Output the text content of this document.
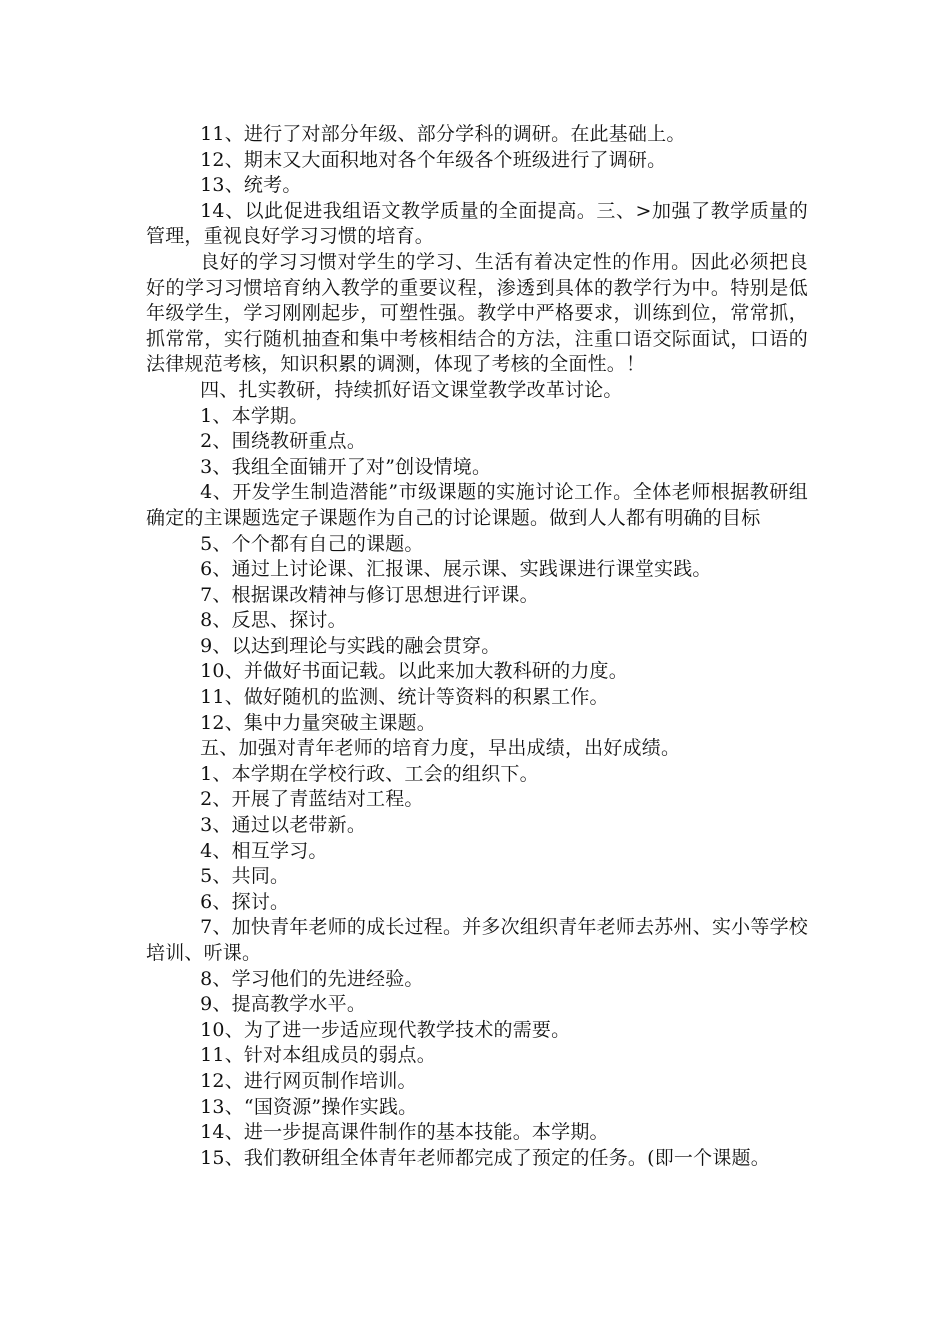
11、进行了对部分年级、部分学科的调研。在此基础上。

12、期末又大面积地对各个年级各个班级进行了调研。

13、统考。

14、以此促进我组语文教学质量的全面提高。三、>加强了教学质量的管理，重视良好学习习惯的培育。

良好的学习习惯对学生的学习、生活有着决定性的作用。因此必须把良好的学习习惯培育纳入教学的重要议程，渗透到具体的教学行为中。特别是低年级学生，学习刚刚起步，可塑性强。教学中严格要求，训练到位，常常抓，抓常常，实行随机抽查和集中考核相结合的方法，注重口语交际面试，口语的法律规范考核，知识积累的调测，体现了考核的全面性。！

四、扎实教研，持续抓好语文课堂教学改革讨论。

1、本学期。

2、围绕教研重点。

3、我组全面铺开了对”创设情境。

4、开发学生制造潜能”市级课题的实施讨论工作。全体老师根据教研组确定的主课题选定子课题作为自己的讨论课题。做到人人都有明确的目标

5、个个都有自己的课题。

6、通过上讨论课、汇报课、展示课、实践课进行课堂实践。

7、根据课改精神与修订思想进行评课。

8、反思、探讨。

9、以达到理论与实践的融会贯穿。

10、并做好书面记载。以此来加大教科研的力度。

11、做好随机的监测、统计等资料的积累工作。

12、集中力量突破主课题。

五、加强对青年老师的培育力度，早出成绩，出好成绩。

1、本学期在学校行政、工会的组织下。

2、开展了青蓝结对工程。

3、通过以老带新。

4、相互学习。

5、共同。

6、探讨。

7、加快青年老师的成长过程。并多次组织青年老师去苏州、实小等学校培训、听课。

8、学习他们的先进经验。

9、提高教学水平。

10、为了进一步适应现代教学技术的需要。

11、针对本组成员的弱点。

12、进行网页制作培训。

13、“国资源”操作实践。

14、进一步提高课件制作的基本技能。本学期。

15、我们教研组全体青年老师都完成了预定的任务。(即一个课题。
